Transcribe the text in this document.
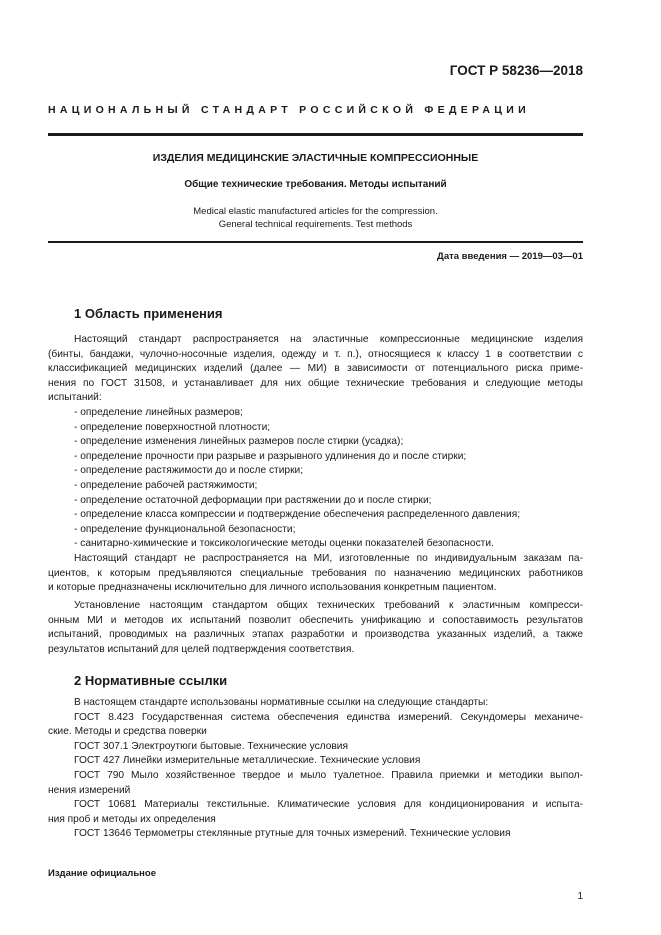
ГОСТ Р 58236—2018
НАЦИОНАЛЬНЫЙ СТАНДАРТ РОССИЙСКОЙ ФЕДЕРАЦИИ
ИЗДЕЛИЯ МЕДИЦИНСКИЕ ЭЛАСТИЧНЫЕ КОМПРЕССИОННЫЕ
Общие технические требования. Методы испытаний
Medical elastic manufactured articles for the compression.
General technical requirements. Test methods
Дата введения — 2019—03—01
1 Область применения
Настоящий стандарт распространяется на эластичные компрессионные медицинские изделия
(бинты, бандажи, чулочно-носочные изделия, одежду и т. п.), относящиеся к классу 1 в соответствии с
классификацией медицинских изделий (далее — МИ) в зависимости от потенциального риска приме-
нения по ГОСТ 31508, и устанавливает для них общие технические требования и следующие методы
испытаний:
- определение линейных размеров;
- определение поверхностной плотности;
- определение изменения линейных размеров после стирки (усадка);
- определение прочности при разрыве и разрывного удлинения до и после стирки;
- определение растяжимости до и после стирки;
- определение рабочей растяжимости;
- определение остаточной деформации при растяжении до и после стирки;
- определение класса компрессии и подтверждение обеспечения распределенного давления;
- определение функциональной безопасности;
- санитарно-химические и токсикологические методы оценки показателей безопасности.
Настоящий стандарт не распространяется на МИ, изготовленные по индивидуальным заказам па-
циентов, к которым предъявляются специальные требования по назначению медицинских работников
и которые предназначены исключительно для личного использования конкретным пациентом.
Установление настоящим стандартом общих технических требований к эластичным компресси-
онным МИ и методов их испытаний позволит обеспечить унификацию и сопоставимость результатов
испытаний, проводимых на различных этапах разработки и производства указанных изделий, а также
результатов испытаний для целей подтверждения соответствия.
2 Нормативные ссылки
В настоящем стандарте использованы нормативные ссылки на следующие стандарты:
ГОСТ 8.423 Государственная система обеспечения единства измерений. Секундомеры механиче-
ские. Методы и средства поверки
ГОСТ 307.1 Электроутюги бытовые. Технические условия
ГОСТ 427 Линейки измерительные металлические. Технические условия
ГОСТ 790 Мыло хозяйственное твердое и мыло туалетное. Правила приемки и методики выпол-
нения измерений
ГОСТ 10681 Материалы текстильные. Климатические условия для кондиционирования и испыта-
ния проб и методы их определения
ГОСТ 13646 Термометры стеклянные ртутные для точных измерений. Технические условия
Издание официальное
1
